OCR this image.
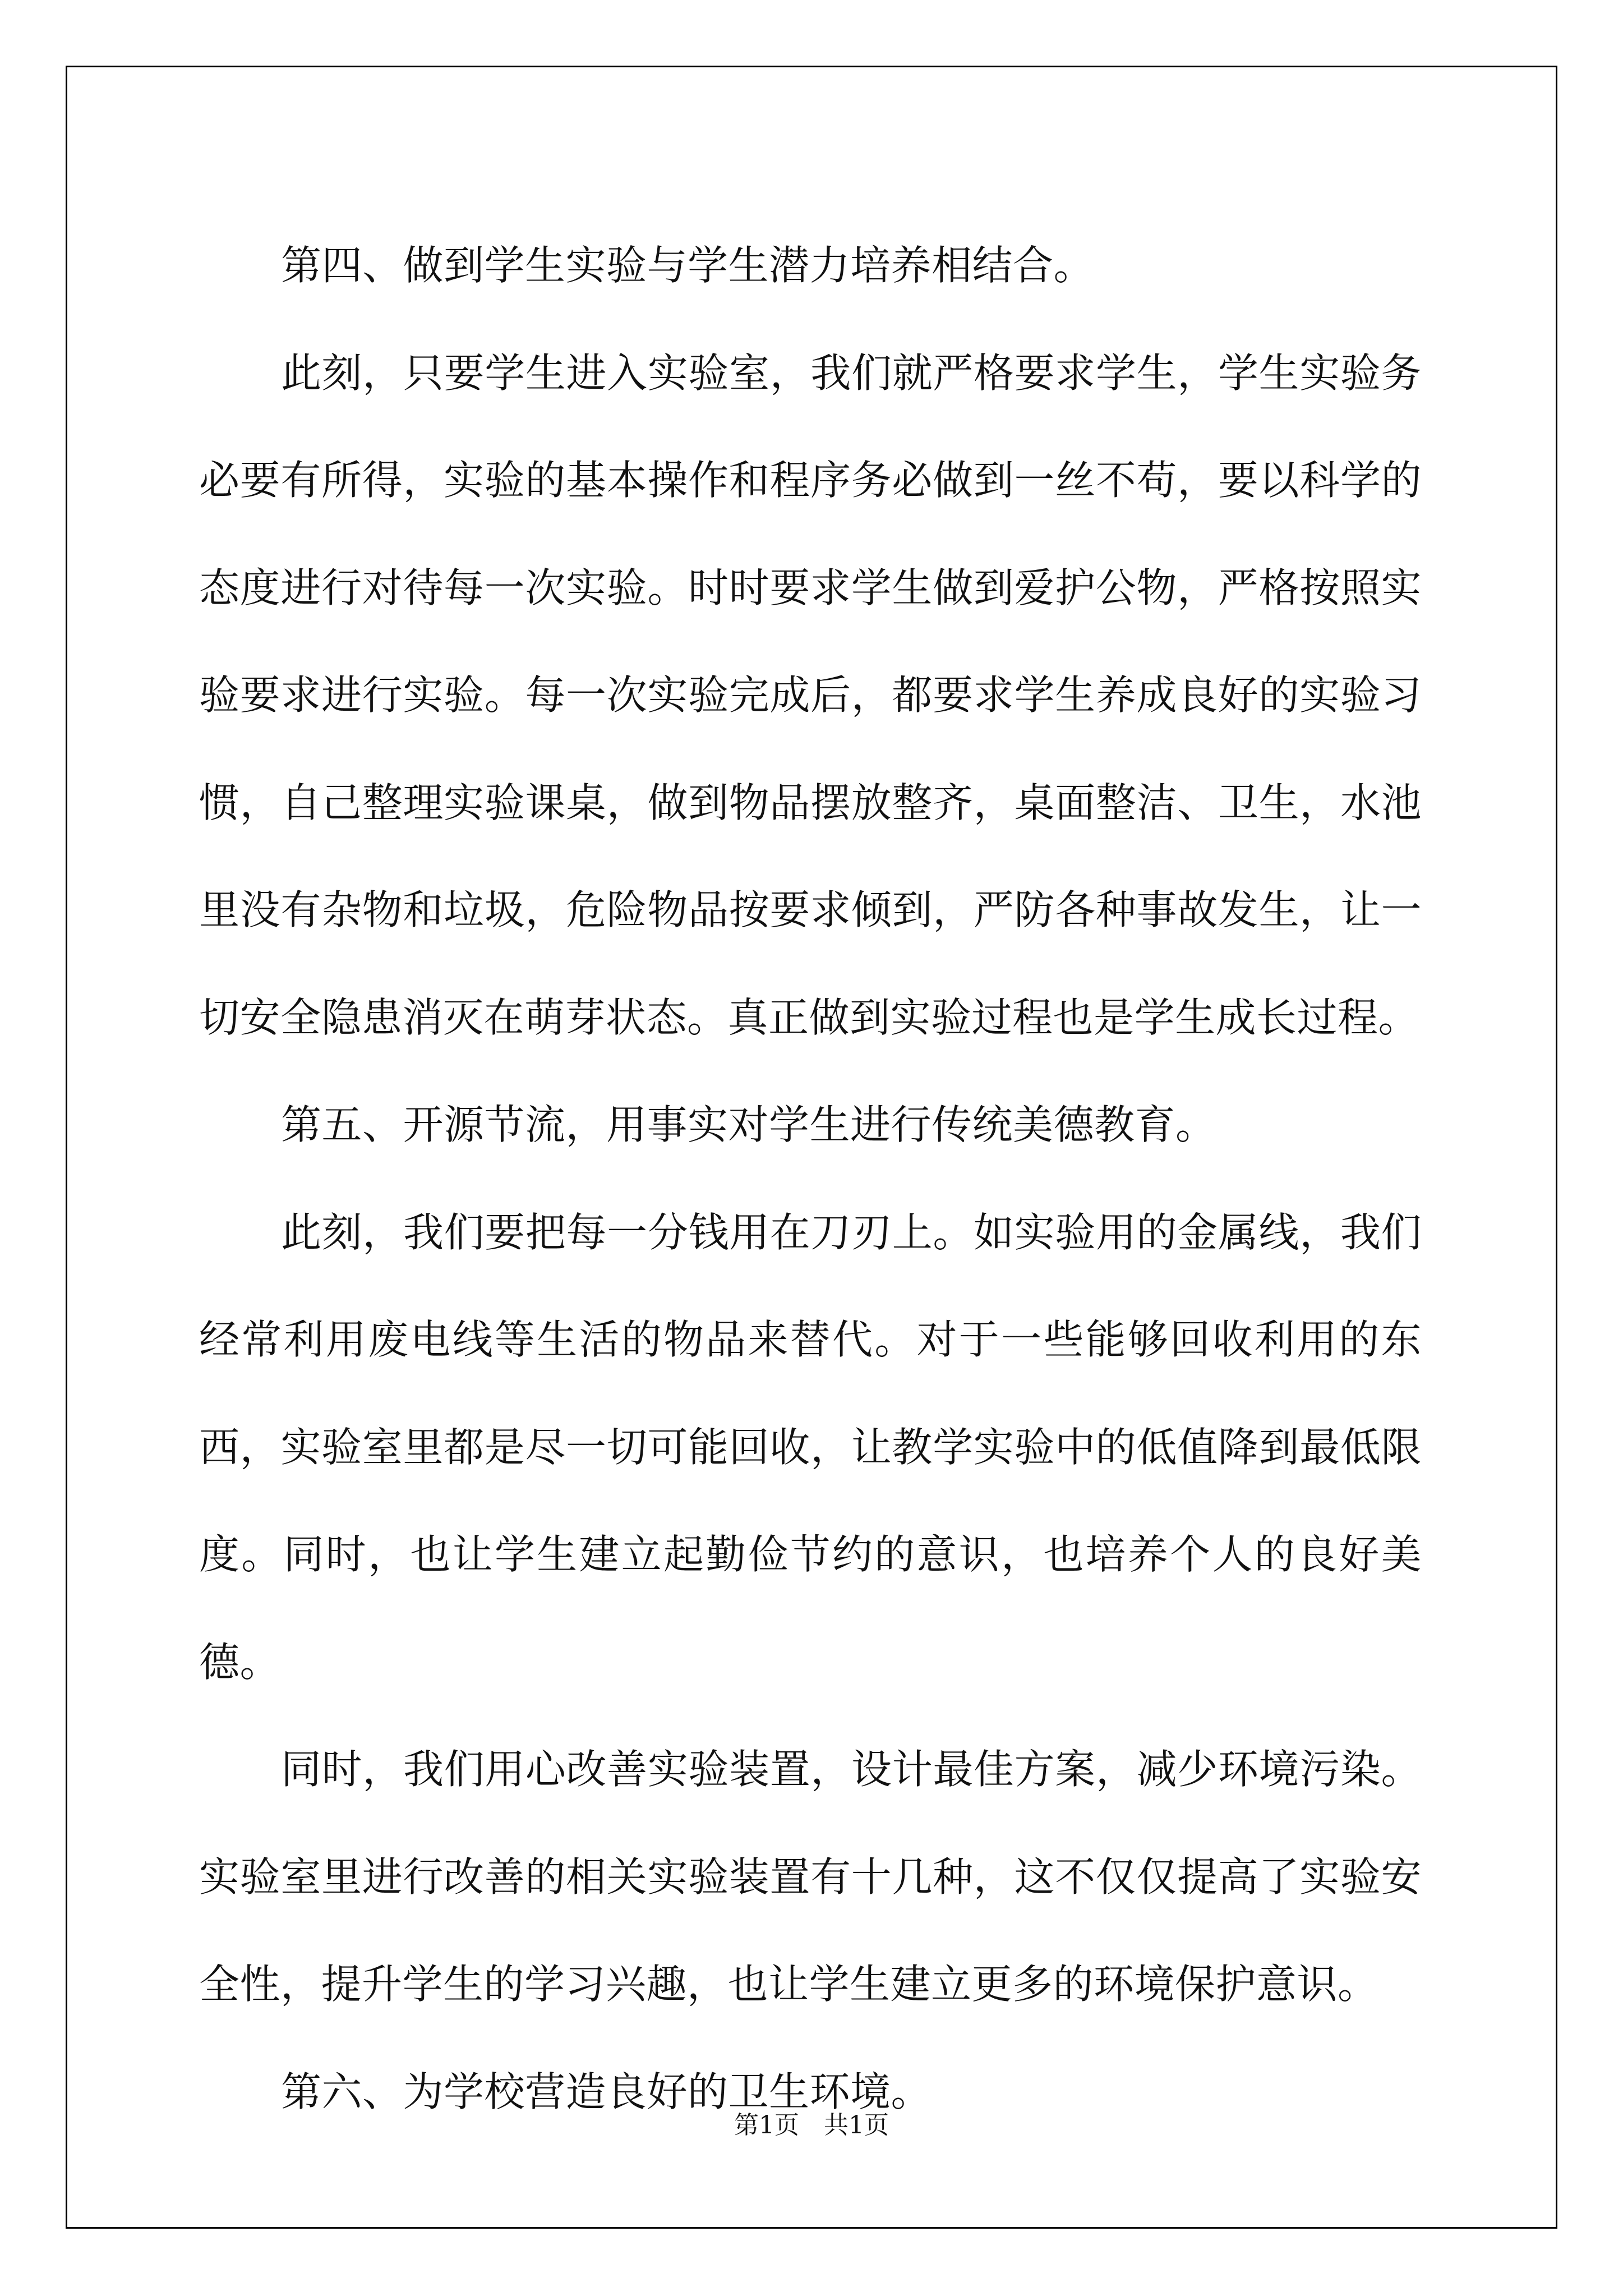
第四、做到学生实验与学生潜力培养相结合。

此刻，只要学生进入实验室，我们就严格要求学生，学生实验务必要有所得，实验的基本操作和程序务必做到一丝不苟，要以科学的态度进行对待每一次实验。时时要求学生做到爱护公物，严格按照实验要求进行实验。每一次实验完成后，都要求学生养成良好的实验习惯，自己整理实验课桌，做到物品摆放整齐，桌面整洁、卫生，水池里没有杂物和垃圾，危险物品按要求倾到，严防各种事故发生，让一切安全隐患消灭在萌芽状态。真正做到实验过程也是学生成长过程。

第五、开源节流，用事实对学生进行传统美德教育。

此刻，我们要把每一分钱用在刀刃上。如实验用的金属线，我们经常利用废电线等生活的物品来替代。对于一些能够回收利用的东西，实验室里都是尽一切可能回收，让教学实验中的低值降到最低限度。同时，也让学生建立起勤俭节约的意识，也培养个人的良好美德。

同时，我们用心改善实验装置，设计最佳方案，减少环境污染。实验室里进行改善的相关实验装置有十几种，这不仅仅提高了实验安全性，提升学生的学习兴趣，也让学生建立更多的环境保护意识。

第六、为学校营造良好的卫生环境。

第1页　共1页
